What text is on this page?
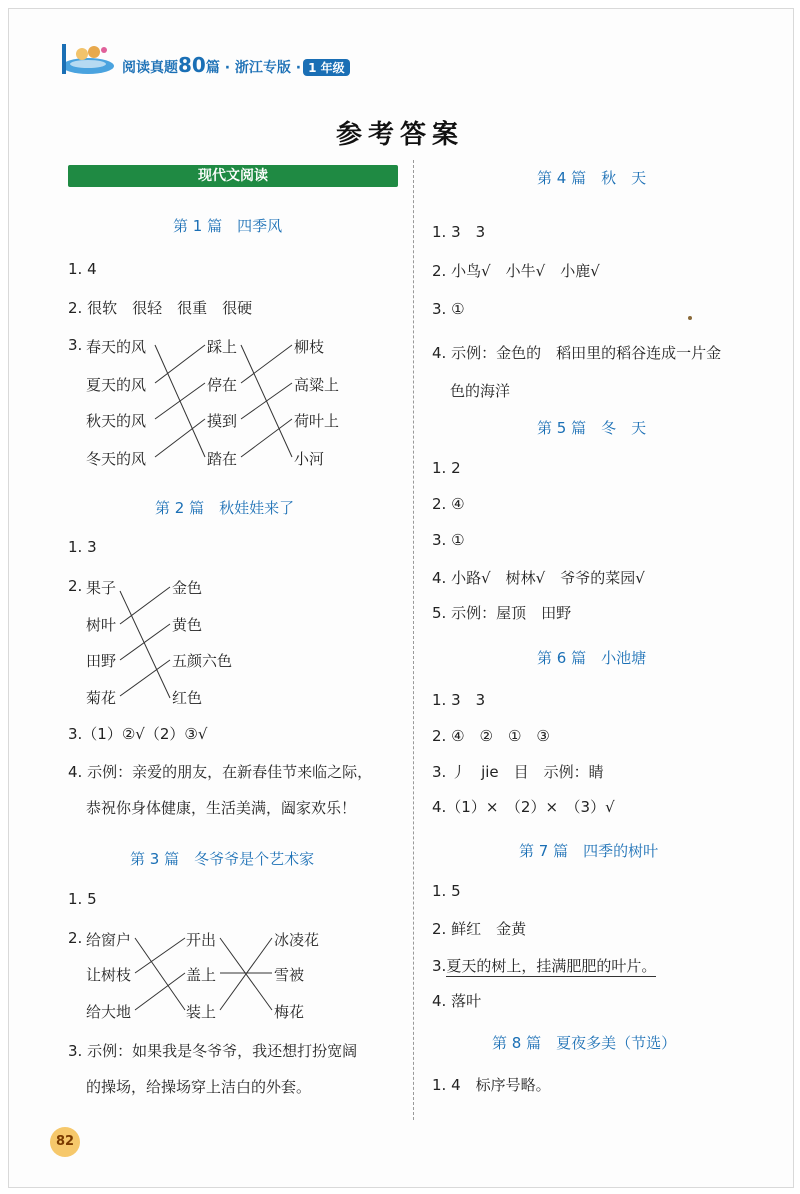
阅读真题80篇 · 浙江专版 · 1 年级
参考答案
现代文阅读
第 1 篇　四季风
1. 4
2. 很软　很轻　很重　很硬
3. 春天的风
夏天的风
秋天的风
冬天的风
踩上
停在
摸到
踏在
柳枝
高粱上
荷叶上
小河
第 2 篇　秋娃娃来了
1. 3
2. 果子
树叶
田野
菊花
金色
黄色
五颜六色
红色
3.（1）②√（2）③√
4. 示例：亲爱的朋友，在新春佳节来临之际，
恭祝你身体健康，生活美满，阖家欢乐！
第 3 篇　冬爷爷是个艺术家
1. 5
2. 给窗户
让树枝
给大地
开出
盖上
装上
冰凌花
雪被
梅花
3. 示例：如果我是冬爷爷，我还想打扮宽阔
的操场，给操场穿上洁白的外套。
第 4 篇　秋　天
1. 3　3
2. 小鸟√　小牛√　小鹿√
3. ①
4. 示例：金色的　稻田里的稻谷连成一片金
色的海洋
第 5 篇　冬　天
1. 2
2. ④
3. ①
4. 小路√　树林√　爷爷的菜园√
5. 示例：屋顶　田野
第 6 篇　小池塘
1. 3　3
2. ④　②　①　③
3. 丿　jie　目　示例：睛
4.（1）×　（2）×　（3）√
第 7 篇　四季的树叶
1. 5
2. 鲜红　金黄
3.夏天的树上，挂满肥肥的叶片。
4. 落叶
第 8 篇　夏夜多美（节选）
1. 4　标序号略。
82
